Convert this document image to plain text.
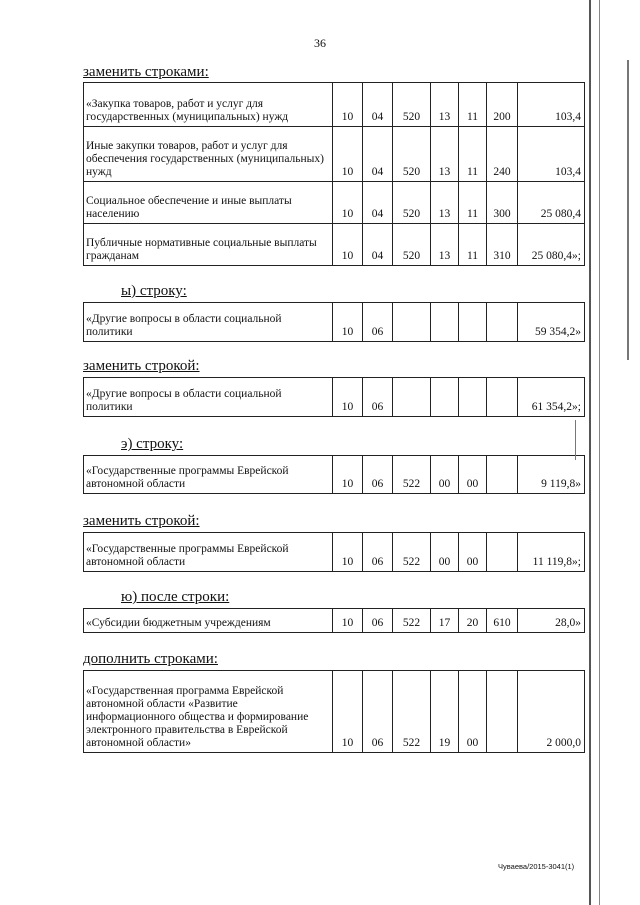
36
заменить строками:
«Закупка товаров, работ и услуг для государственных (муниципальных) нужд	10	04	520	13	11	200	103,4
Иные закупки товаров, работ и услуг для обеспечения государственных (муниципальных) нужд	10	04	520	13	11	240	103,4
Социальное обеспечение и иные выплаты населению	10	04	520	13	11	300	25 080,4
Публичные нормативные социальные выплаты гражданам	10	04	520	13	11	310	25 080,4»;
ы) строку:
«Другие вопросы в области социальной политики	10	06					59 354,2»
заменить строкой:
«Другие вопросы в области социальной политики	10	06					61 354,2»;
э) строку:
«Государственные программы Еврейской автономной области	10	06	522	00	00		9 119,8»
заменить строкой:
«Государственные программы Еврейской автономной области	10	06	522	00	00		11 119,8»;
ю) после строки:
«Субсидии бюджетным учреждениям	10	06	522	17	20	610	28,0»
дополнить строками:
«Государственная программа Еврейской автономной области «Развитие информационного общества и формирование электронного правительства в Еврейской автономной области»	10	06	522	19	00		2 000,0
Чуваева/2015-3041(1)
